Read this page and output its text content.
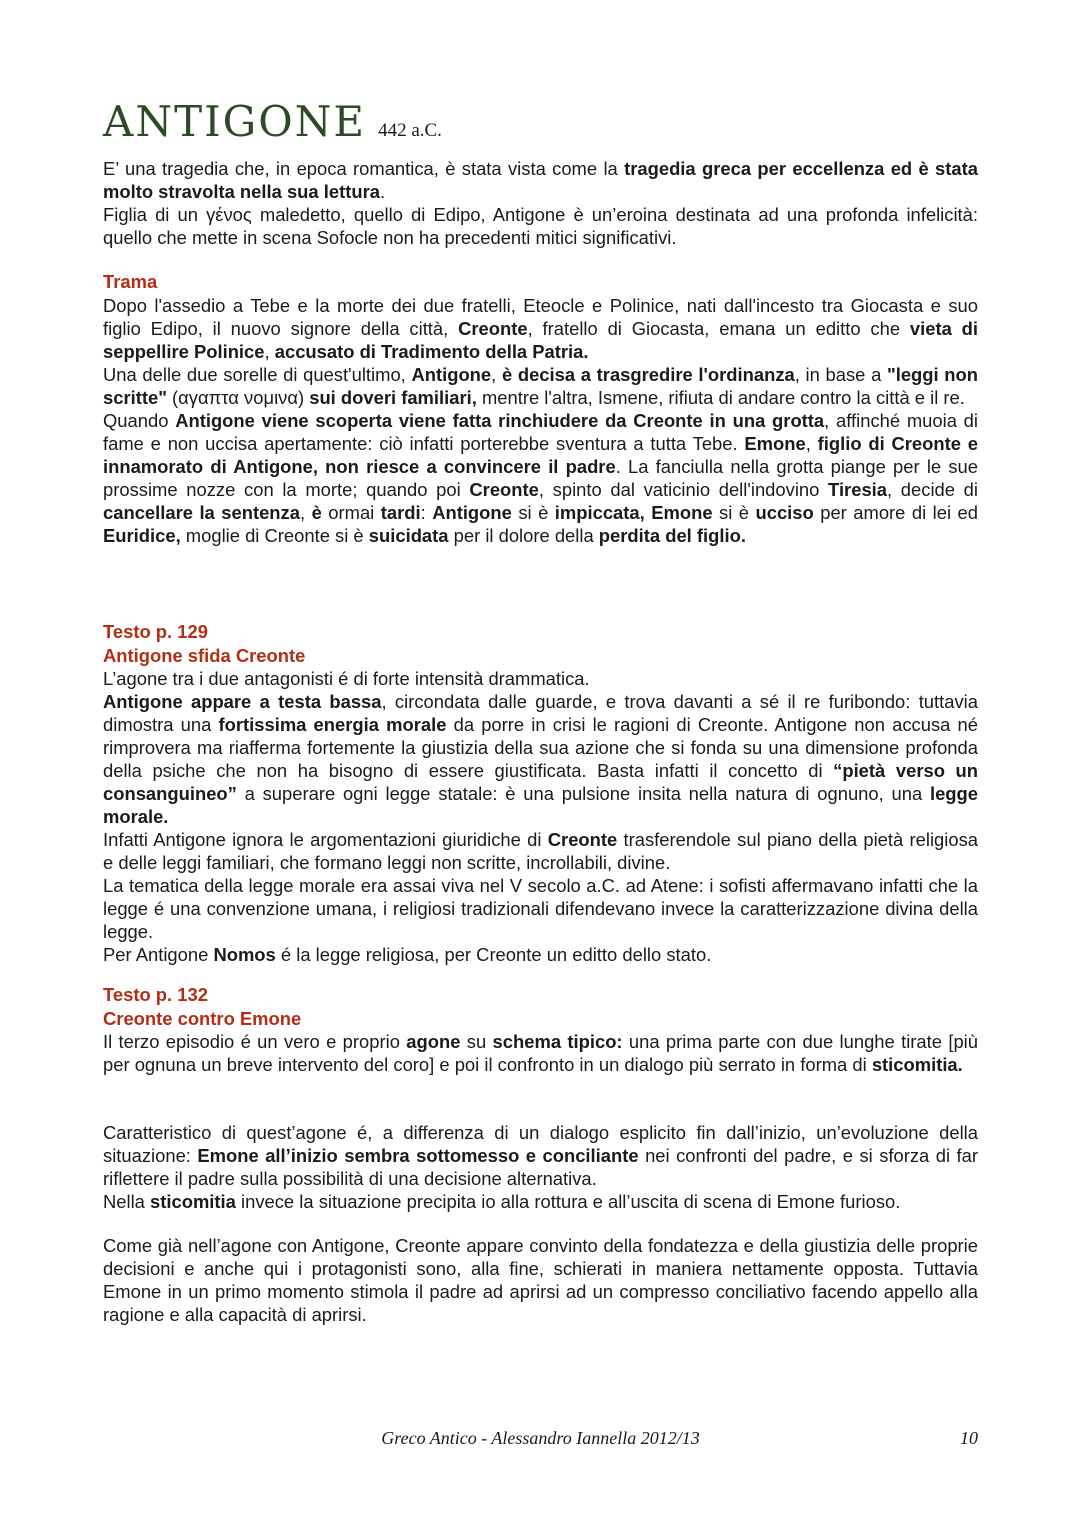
ANTIGONE 442 a.C.

E’ una tragedia che, in epoca romantica, è stata vista come la tragedia greca per eccellenza ed è stata molto stravolta nella sua lettura.

Figlia di un γένος maledetto, quello di Edipo, Antigone è un’eroina destinata ad una profonda infelicità: quello che mette in scena Sofocle non ha precedenti mitici significativi.

Trama

Dopo l'assedio a Tebe e la morte dei due fratelli, Eteocle e Polinice, nati dall'incesto tra Giocasta e suo figlio Edipo, il nuovo signore della città, Creonte, fratello di Giocasta, emana un editto che vieta di seppellire Polinice, accusato di Tradimento della Patria.

Una delle due sorelle di quest'ultimo, Antigone, è decisa a trasgredire l'ordinanza, in base a "leggi non scritte" (αγαπτα νομινα) sui doveri familiari, mentre l'altra, Ismene, rifiuta di andare contro la città e il re.

Quando Antigone viene scoperta viene fatta rinchiudere da Creonte in una grotta, affinché muoia di fame e non uccisa apertamente: ciò infatti porterebbe sventura a tutta Tebe. Emone, figlio di Creonte e innamorato di Antigone, non riesce a convincere il padre. La fanciulla nella grotta piange per le sue prossime nozze con la morte; quando poi Creonte, spinto dal vaticinio dell'indovino Tiresia, decide di cancellare la sentenza, è ormai tardi: Antigone si è impiccata, Emone si è ucciso per amore di lei ed Euridice, moglie di Creonte si è suicidata per il dolore della perdita del figlio.

Testo p. 129
Antigone sfida Creonte

L’agone tra i due antagonisti é di forte intensità drammatica.

Antigone appare a testa bassa, circondata dalle guarde, e trova davanti a sé il re furibondo: tuttavia dimostra una fortissima energia morale da porre in crisi le ragioni di Creonte. Antigone non accusa né rimprovera ma riafferma fortemente la giustizia della sua azione che si fonda su una dimensione profonda della psiche che non ha bisogno di essere giustificata. Basta infatti il concetto di “pietà verso un consanguineo” a superare ogni legge statale: è una pulsione insita nella natura di ognuno, una legge morale.

Infatti Antigone ignora le argomentazioni giuridiche di Creonte trasferendole sul piano della pietà religiosa e delle leggi familiari, che formano leggi non scritte, incrollabili, divine.

La tematica della legge morale era assai viva nel V secolo a.C. ad Atene: i sofisti affermavano infatti che la legge é una convenzione umana, i religiosi tradizionali difendevano invece la caratterizzazione divina della legge.

Per Antigone Nomos é la legge religiosa, per Creonte un editto dello stato.

Testo p. 132
Creonte contro Emone

Il terzo episodio é un vero e proprio agone su schema tipico: una prima parte con due lunghe tirate [più per ognuna un breve intervento del coro] e poi il confronto in un dialogo più serrato in forma di sticomitia.

Caratteristico di quest’agone é, a differenza di un dialogo esplicito fin dall’inizio, un’evoluzione della situazione: Emone all’inizio sembra sottomesso e conciliante nei confronti del padre, e si sforza di far riflettere il padre sulla possibilità di una decisione alternativa.

Nella sticomitia invece la situazione precipita io alla rottura e all’uscita di scena di Emone furioso.

Come già nell’agone con Antigone, Creonte appare convinto della fondatezza e della giustizia delle proprie decisioni e anche qui i protagonisti sono, alla fine, schierati in maniera nettamente opposta. Tuttavia Emone in un primo momento stimola il padre ad aprirsi ad un compresso conciliativo facendo appello alla ragione e alla capacità di aprirsi.

Greco Antico - Alessandro Iannella 2012/13	10
